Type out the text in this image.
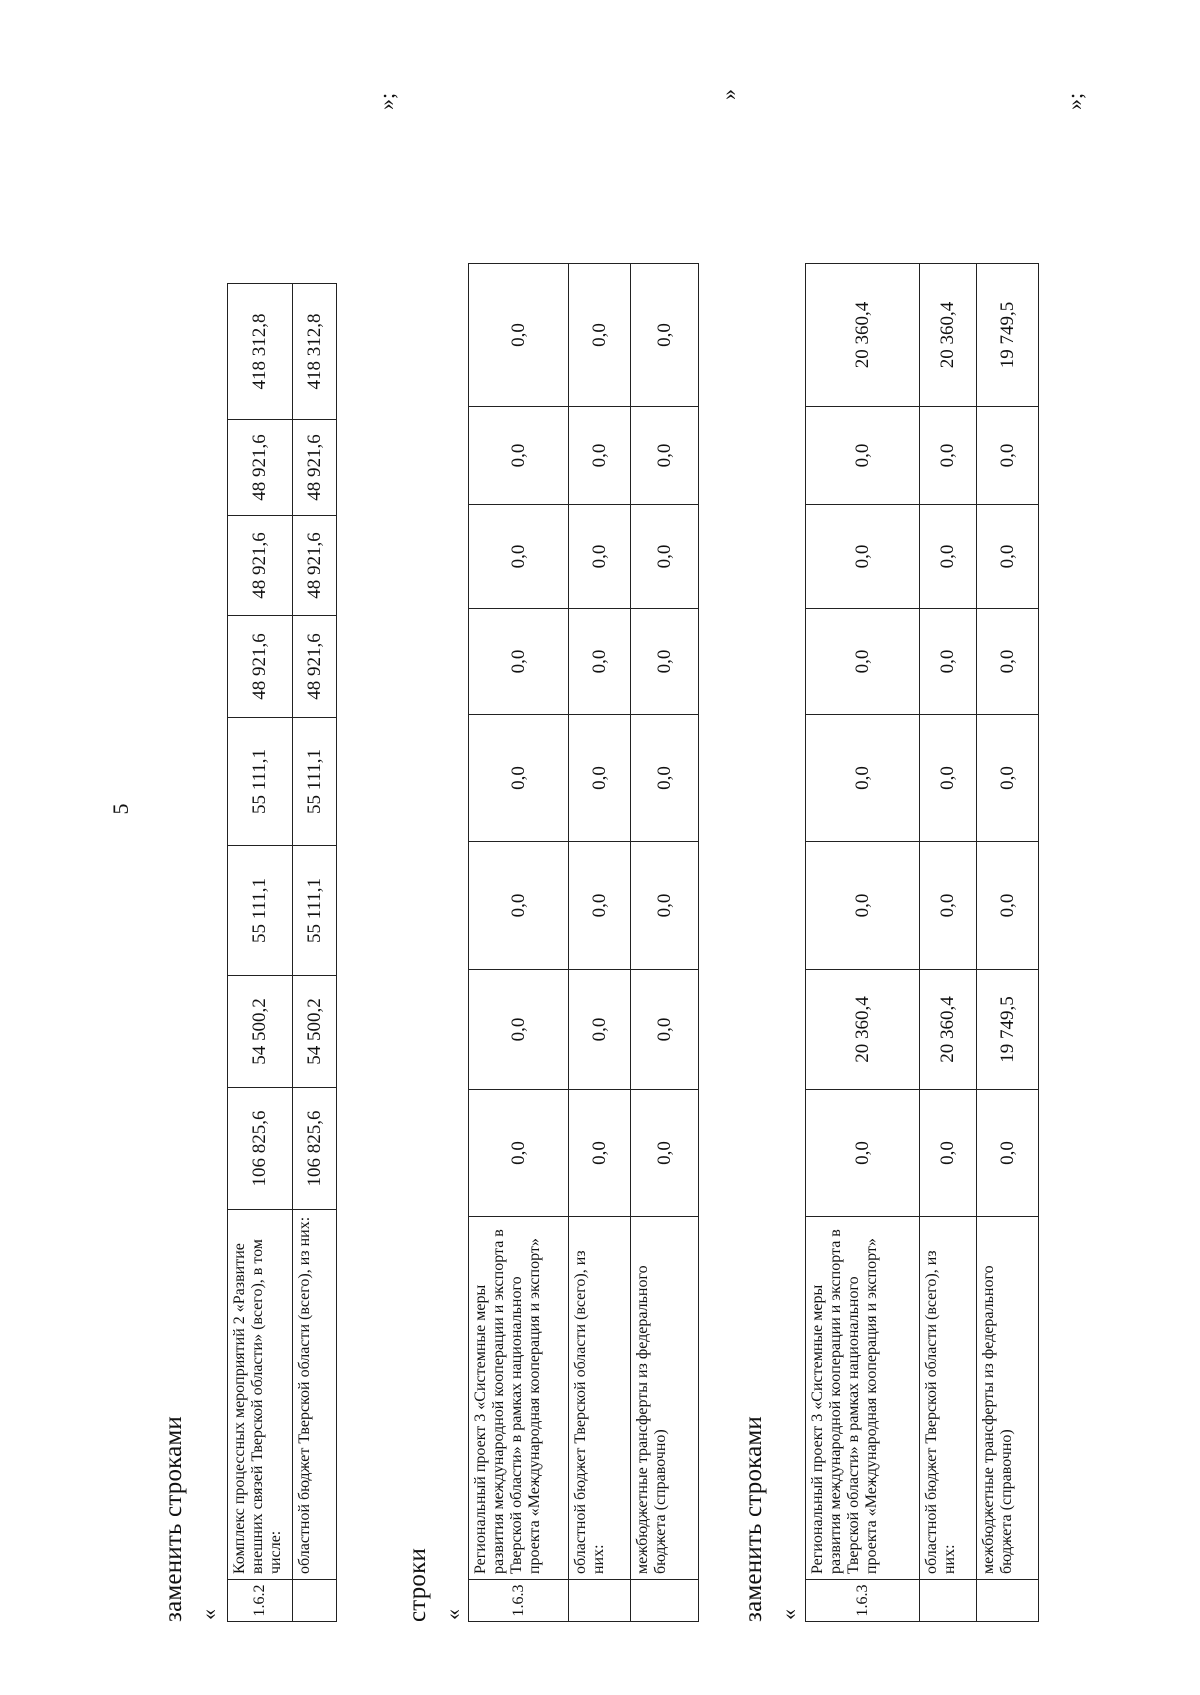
5
заменить строками « 1.6.2	Комплекс процессных мероприятий 2 «Развитие внешних связей Тверской области» (всего), в том числе:	106 825,6	54 500,2	55 111,1	55 111,1	48 921,6	48 921,6	48 921,6	418 312,8
	областной бюджет Тверской области (всего), из них:	106 825,6	54 500,2	55 111,1	55 111,1	48 921,6	48 921,6	48 921,6	418 312,8
»;
строки «	1.6.3	Региональный проект 3 «Системные меры развития международной кооперации и экспорта в Тверской области» в рамках национального проекта «Международная кооперация и экспорт»	0,0	0,0	0,0	0,0	0,0	0,0	0,0	0,0
	областной бюджет Тверской области (всего), из них:	0,0	0,0	0,0	0,0	0,0	0,0	0,0	0,0
	межбюджетные трансферты из федерального бюджета (справочно)	0,0	0,0	0,0	0,0	0,0	0,0	0,0	0,0
»
заменить строками «	1.6.3	Региональный проект 3 «Системные меры развития международной кооперации и экспорта в Тверской области» в рамках национального проекта «Международная кооперация и экспорт»	0,0	20 360,4	0,0	0,0	0,0	0,0	0,0	20 360,4
	областной бюджет Тверской области (всего), из них:	0,0	20 360,4	0,0	0,0	0,0	0,0	0,0	20 360,4
	межбюджетные трансферты из федерального бюджета (справочно)	0,0	19 749,5	0,0	0,0	0,0	0,0	0,0	19 749,5
»;
